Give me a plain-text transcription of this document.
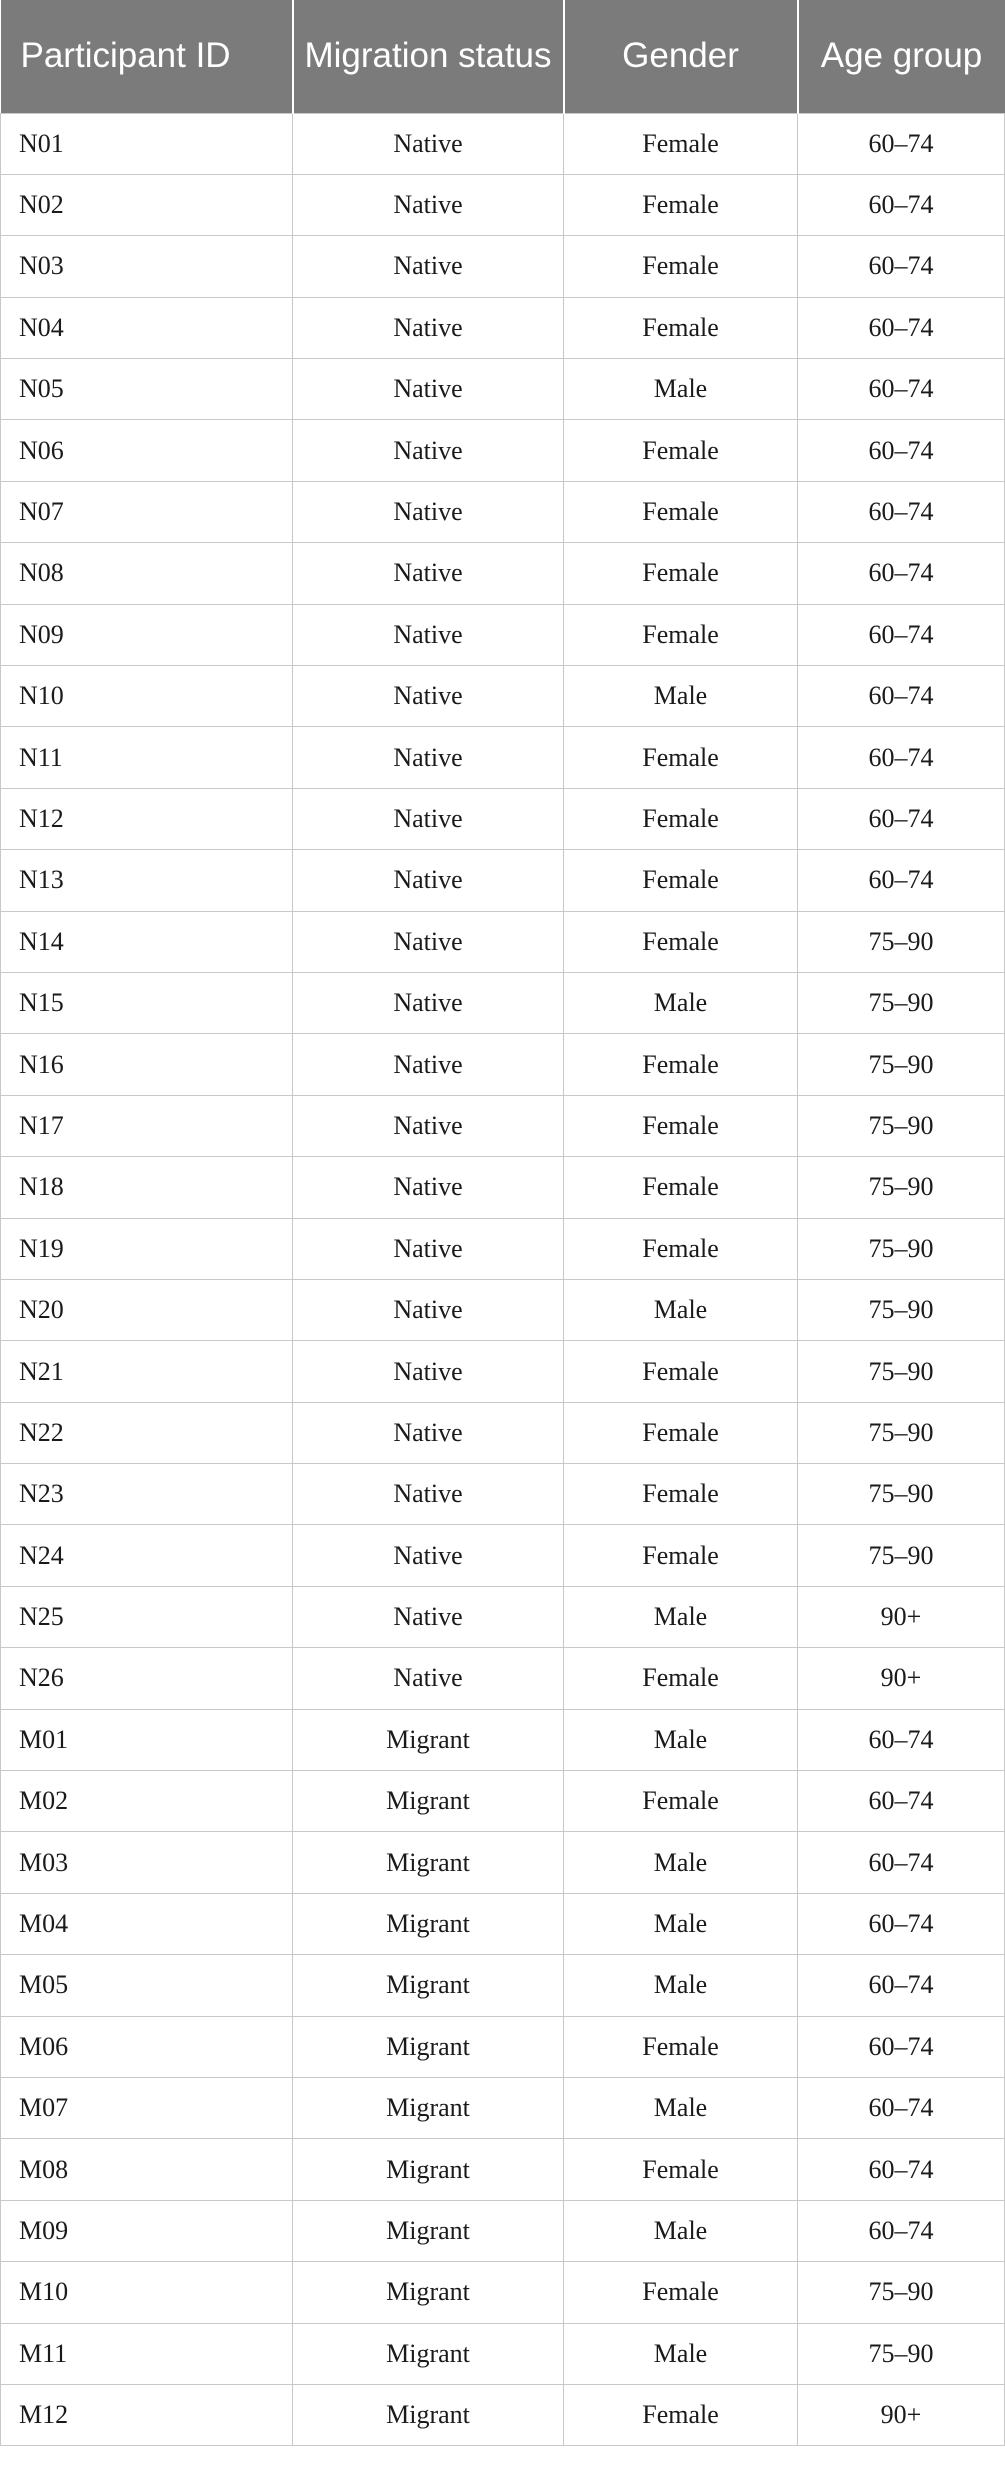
Participant ID	Migration status	Gender	Age group
N01	Native	Female	60–74
N02	Native	Female	60–74
N03	Native	Female	60–74
N04	Native	Female	60–74
N05	Native	Male	60–74
N06	Native	Female	60–74
N07	Native	Female	60–74
N08	Native	Female	60–74
N09	Native	Female	60–74
N10	Native	Male	60–74
N11	Native	Female	60–74
N12	Native	Female	60–74
N13	Native	Female	60–74
N14	Native	Female	75–90
N15	Native	Male	75–90
N16	Native	Female	75–90
N17	Native	Female	75–90
N18	Native	Female	75–90
N19	Native	Female	75–90
N20	Native	Male	75–90
N21	Native	Female	75–90
N22	Native	Female	75–90
N23	Native	Female	75–90
N24	Native	Female	75–90
N25	Native	Male	90+
N26	Native	Female	90+
M01	Migrant	Male	60–74
M02	Migrant	Female	60–74
M03	Migrant	Male	60–74
M04	Migrant	Male	60–74
M05	Migrant	Male	60–74
M06	Migrant	Female	60–74
M07	Migrant	Male	60–74
M08	Migrant	Female	60–74
M09	Migrant	Male	60–74
M10	Migrant	Female	75–90
M11	Migrant	Male	75–90
M12	Migrant	Female	90+
